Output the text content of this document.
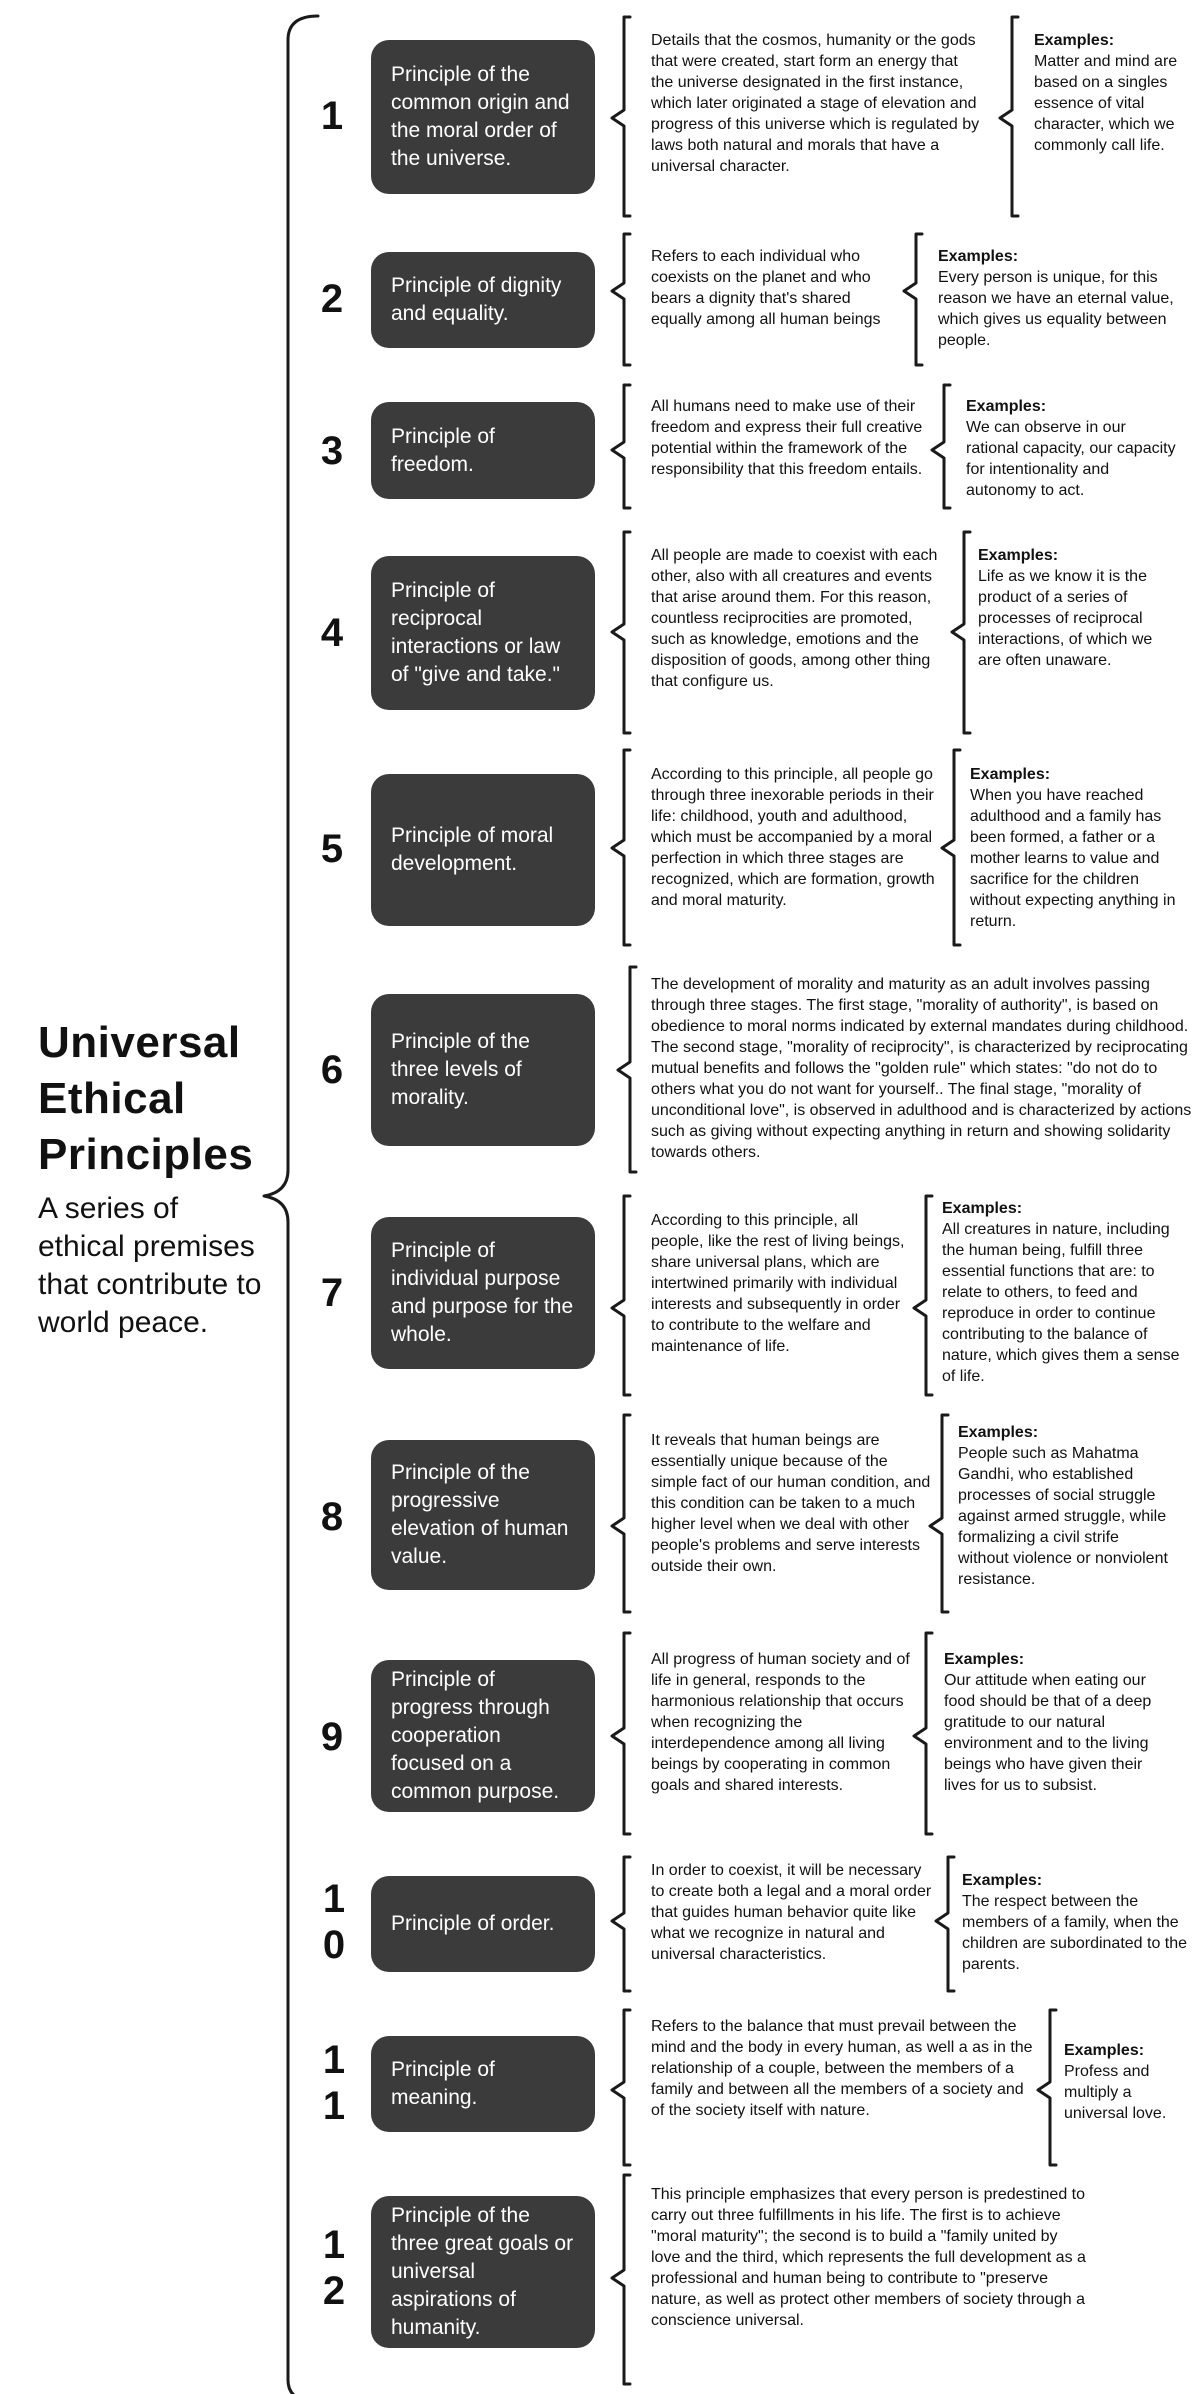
Universal Ethical Principles

A series of ethical premises that contribute to world peace.

1
Principle of the common origin and the moral order of the universe.
Details that the cosmos, humanity or the gods that were created, start form an energy that the universe designated in the first instance, which later originated a stage of elevation and progress of this universe which is regulated by laws both natural and morals that have a universal character.
Examples:
Matter and mind are based on a singles essence of vital character, which we commonly call life.
2	Principle of dignity and equality.
Refers to each individual who coexists on the planet and who bears a dignity that's shared equally among all human beings
Examples:
Every person is unique, for this reason we have an eternal value, which gives us equality between people.
3	Principle of freedom.
All humans need to make use of their freedom and express their full creative potential within the framework of the responsibility that this freedom entails.
Examples:
We can observe in our rational capacity, our capacity for intentionality and autonomy to act.
4
Principle of reciprocal interactions or law of "give and take."
All people are made to coexist with each other, also with all creatures and events that arise around them. For this reason, countless reciprocities are promoted, such as knowledge, emotions and the disposition of goods, among other thing that configure us.
Examples:
Life as we know it is the product of a series of processes of reciprocal interactions, of which we are often unaware.
5	Principle of moral development.
According to this principle, all people go through three inexorable periods in their life: childhood, youth and adulthood, which must be accompanied by a moral perfection in which three stages are recognized, which are formation, growth and moral maturity.
Examples:
When you have reached adulthood and a family has been formed, a father or a mother learns to value and sacrifice for the children without expecting anything in return.
6
Principle of the three levels of morality.
The development of morality and maturity as an adult involves passing through three stages. The first stage, "morality of authority", is based on obedience to moral norms indicated by external mandates during childhood. The second stage, "morality of reciprocity", is characterized by reciprocating mutual benefits and follows the "golden rule" which states: "do not do to others what you do not want for yourself.. The final stage, "morality of unconditional love", is observed in adulthood and is characterized by actions such as giving without expecting anything in return and showing solidarity towards others.
7
Principle of individual purpose and purpose for the whole.
According to this principle, all people, like the rest of living beings, share universal plans, which are intertwined primarily with individual interests and subsequently in order to contribute to the welfare and maintenance of life.
Examples:
All creatures in nature, including the human being, fulfill three essential functions that are: to relate to others, to feed and reproduce in order to continue contributing to the balance of nature, which gives them a sense of life.
8
Principle of the progressive elevation of human value.
It reveals that human beings are essentially unique because of the simple fact of our human condition, and this condition can be taken to a much higher level when we deal with other people's problems and serve interests outside their own.
Examples:
People such as Mahatma Gandhi, who established processes of social struggle against armed struggle, while formalizing a civil strife without violence or nonviolent resistance.
9
Principle of progress through cooperation focused on a common purpose.
All progress of human society and of life in general, responds to the harmonious relationship that occurs when recognizing the interdependence among all living beings by cooperating in common goals and shared interests.
Examples:
Our attitude when eating our food should be that of a deep gratitude to our natural environment and to the living beings who have given their lives for us to subsist.
10	Principle of order.
In order to coexist, it will be necessary to create both a legal and a moral order that guides human behavior quite like what we recognize in natural and universal characteristics.
Examples:
The respect between the members of a family, when the children are subordinated to the parents.
11
Principle of meaning.
Refers to the balance that must prevail between the mind and the body in every human, as well a as in the relationship of a couple, between the members of a family and between all the members of a society and of the society itself with nature.
Examples:
Profess and multiply a universal love.
12
Principle of the three great goals or universal aspirations of humanity.
This principle emphasizes that every person is predestined to carry out three fulfillments in his life. The first is to achieve "moral maturity"; the second is to build a "family united by love and the third, which represents the full development as a professional and human being to contribute to "preserve nature, as well as protect other members of society through a conscience universal.
